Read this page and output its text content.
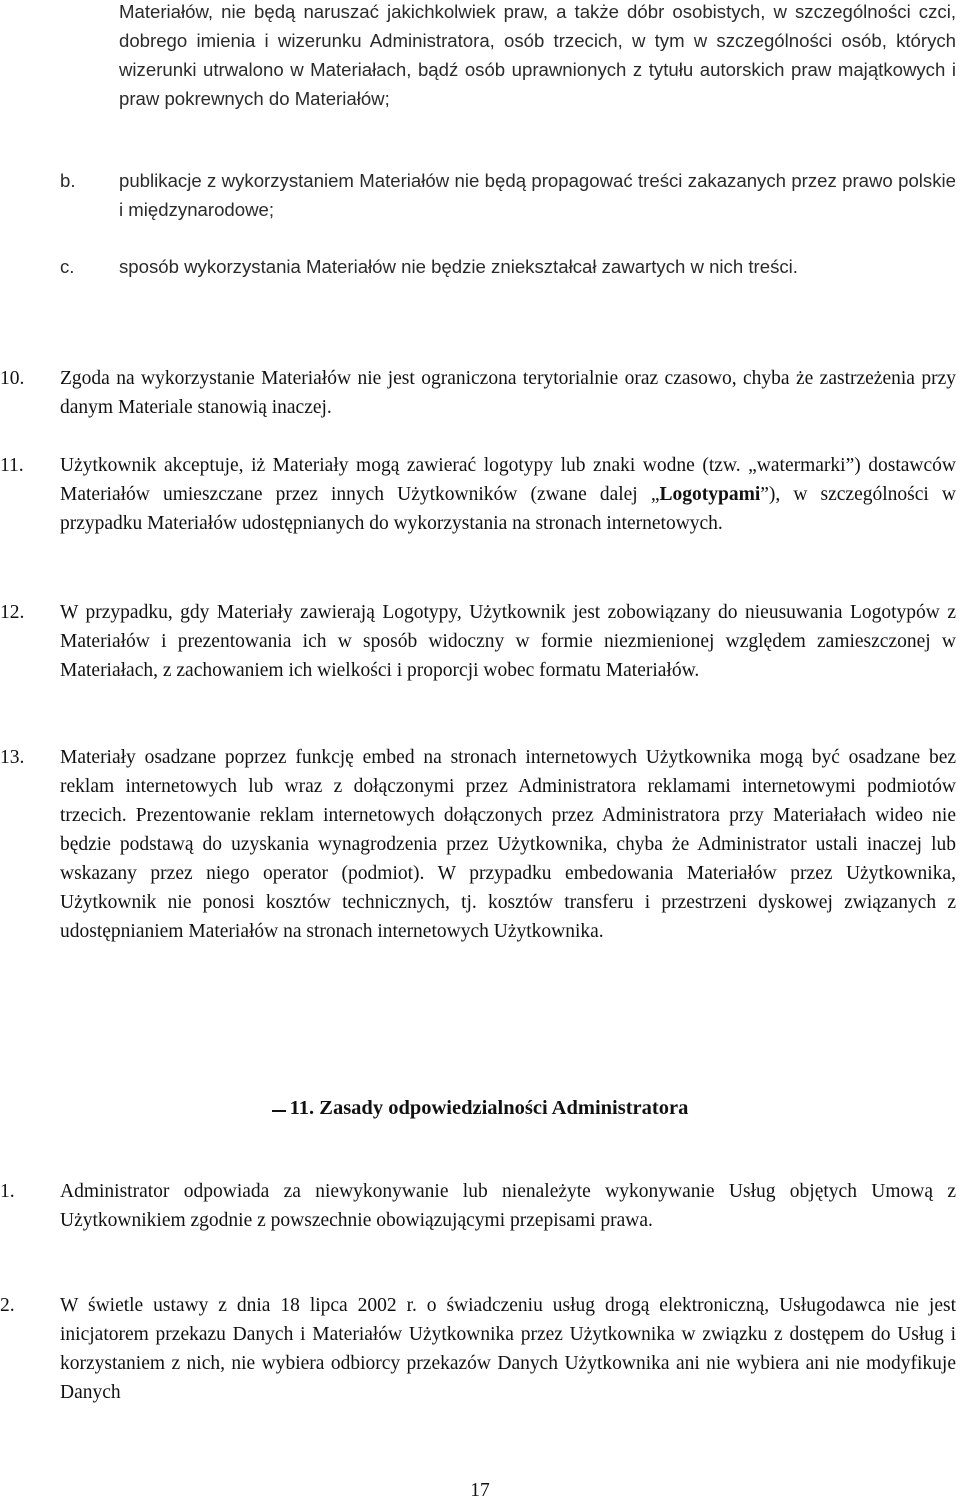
Materiałów, nie będą naruszać jakichkolwiek praw, a także dóbr osobistych, w szczególności czci, dobrego imienia i wizerunku Administratora, osób trzecich, w tym w szczególności osób, których wizerunki utrwalono w Materiałach, bądź osób uprawnionych z tytułu autorskich praw majątkowych i praw pokrewnych do Materiałów;
b.	publikacje z wykorzystaniem Materiałów nie będą propagować treści zakazanych przez prawo polskie i międzynarodowe;
c.	sposób wykorzystania Materiałów nie będzie zniekształcał zawartych w nich treści.
10.	Zgoda na wykorzystanie Materiałów nie jest ograniczona terytorialnie oraz czasowo, chyba że zastrzeżenia przy danym Materiale stanowią inaczej.
11.	Użytkownik akceptuje, iż Materiały mogą zawierać logotypy lub znaki wodne (tzw. „watermarki”) dostawców Materiałów umieszczane przez innych Użytkowników (zwane dalej „Logotypami”), w szczególności w przypadku Materiałów udostępnianych do wykorzystania na stronach internetowych.
12.	W przypadku, gdy Materiały zawierają Logotypy, Użytkownik jest zobowiązany do nieusuwania Logotypów z Materiałów i prezentowania ich w sposób widoczny w formie niezmienionej względem zamieszczonej w Materiałach, z zachowaniem ich wielkości i proporcji wobec formatu Materiałów.
13.	Materiały osadzane poprzez funkcję embed na stronach internetowych Użytkownika mogą być osadzane bez reklam internetowych lub wraz z dołączonymi przez Administratora reklamami internetowymi podmiotów trzecich. Prezentowanie reklam internetowych dołączonych przez Administratora przy Materiałach wideo nie będzie podstawą do uzyskania wynagrodzenia przez Użytkownika, chyba że Administrator ustali inaczej lub wskazany przez niego operator (podmiot). W przypadku embedowania Materiałów przez Użytkownika, Użytkownik nie ponosi kosztów technicznych, tj. kosztów transferu i przestrzeni dyskowej związanych z udostępnianiem Materiałów na stronach internetowych Użytkownika.
11. Zasady odpowiedzialności Administratora
1.	Administrator odpowiada za niewykonywanie lub nienależyte wykonywanie Usług objętych Umową z Użytkownikiem zgodnie z powszechnie obowiązującymi przepisami prawa.
2.	W świetle ustawy z dnia 18 lipca 2002 r. o świadczeniu usług drogą elektroniczną, Usługodawca nie jest inicjatorem przekazu Danych i Materiałów Użytkownika przez Użytkownika w związku z dostępem do Usług i korzystaniem z nich, nie wybiera odbiorcy przekazów Danych Użytkownika ani nie wybiera ani nie modyfikuje Danych
17
